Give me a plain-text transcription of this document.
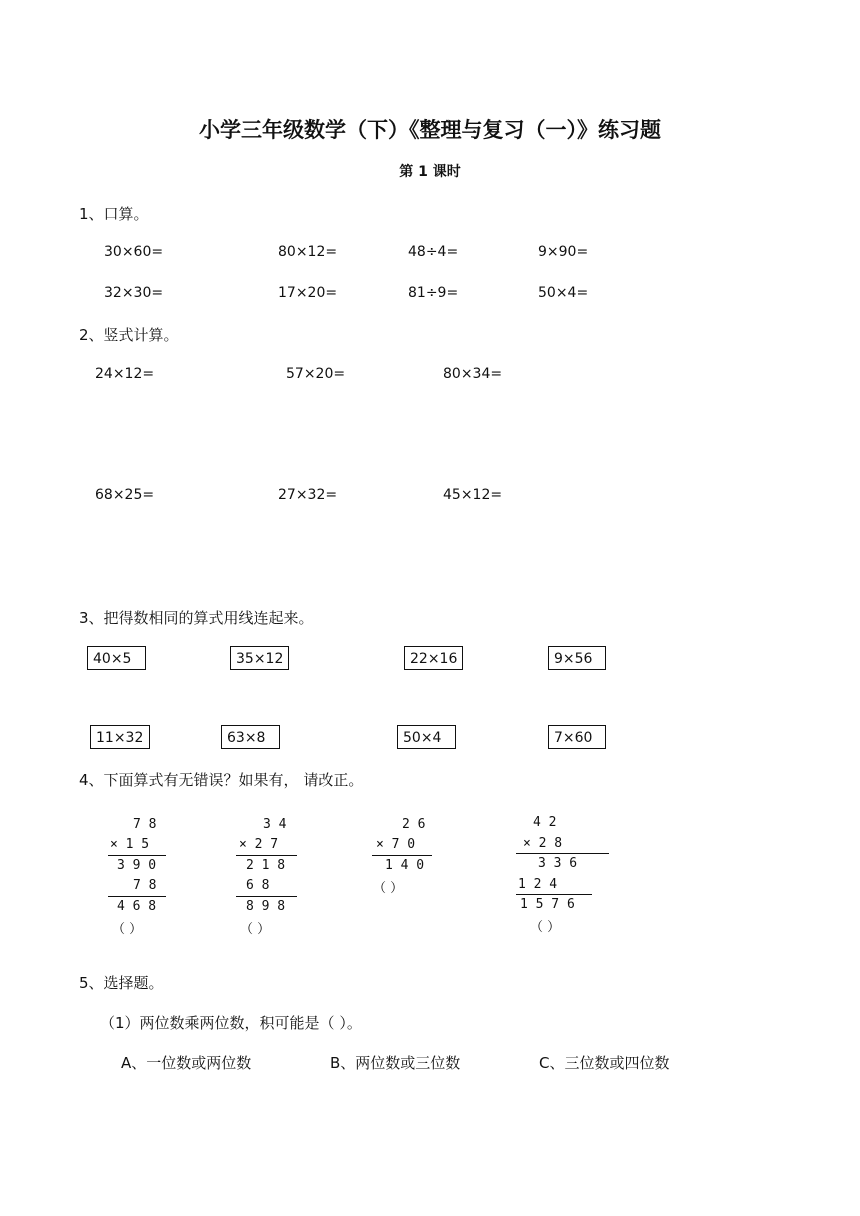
小学三年级数学（下）《整理与复习（一）》练习题
第 1 课时
1、口算。
30×60=	80×12=	48÷4=	9×90=
32×30=	17×20=	81÷9=	50×4=
2、竖式计算。
24×12=	57×20=	80×34=
68×25=	27×32=	45×12=
3、把得数相同的算式用线连起来。
40×5	35×12	22×16	9×56
11×32	63×8	50×4	7×60
4、下面算式有无错误？如果有， 请改正。
7 8
× 1 5
3 9 0
7 8
4 6 8
（ ）
3 4
× 2 7
2 1 8
6 8
8 9 8
（ ）
2 6
× 7 0
1 4 0
（ ）
4 2
× 2 8
3 3 6
1 2 4
1 5 7 6
（ ）
5、选择题。
（1）两位数乘两位数，积可能是（ ）。
A、一位数或两位数	B、两位数或三位数	C、三位数或四位数
